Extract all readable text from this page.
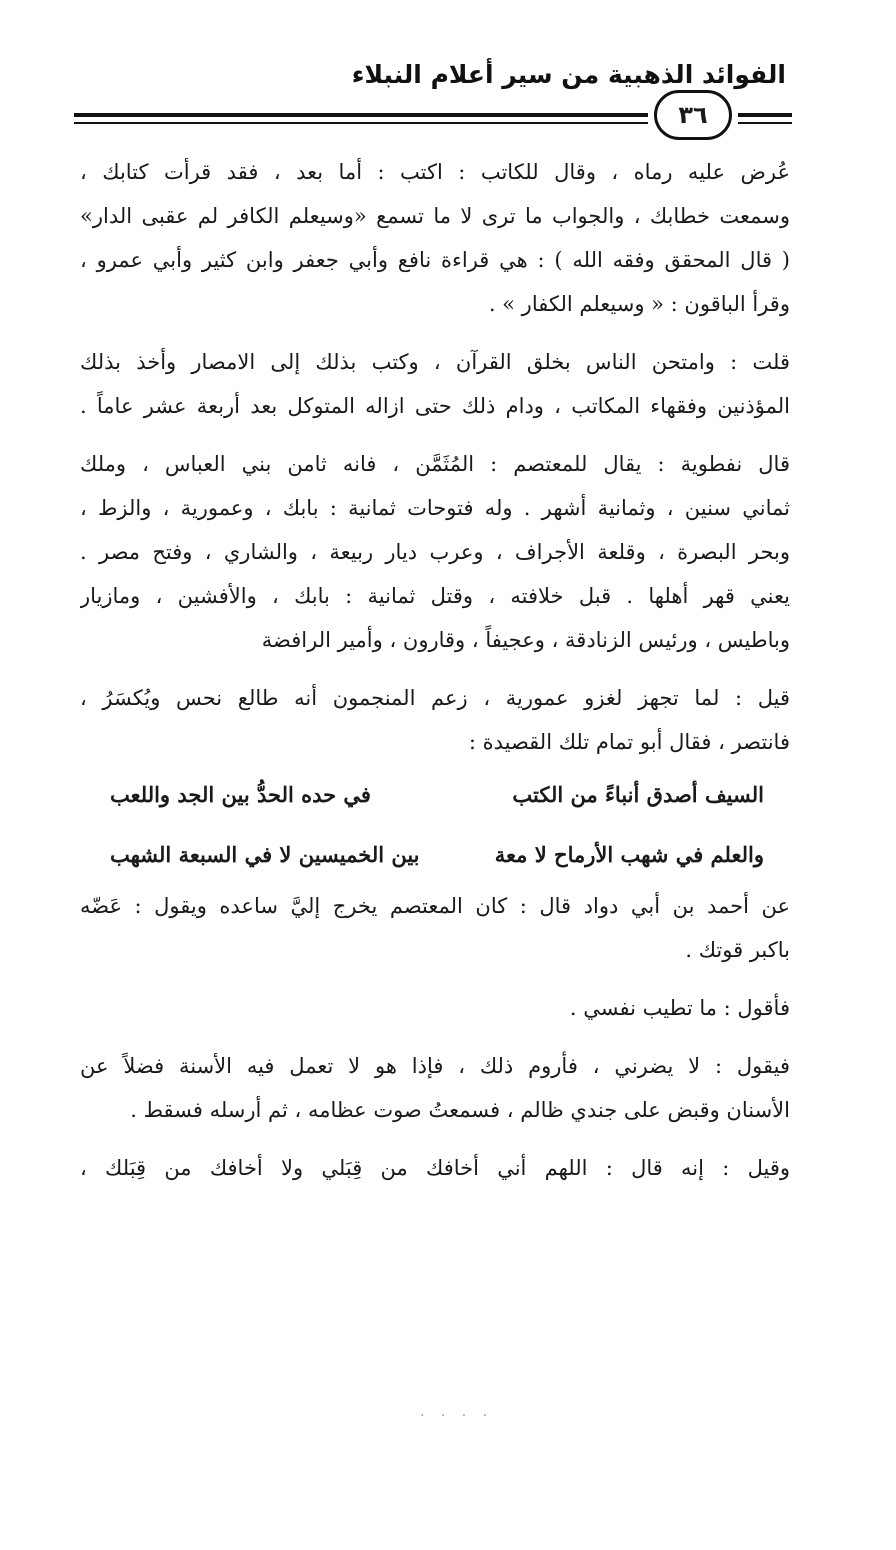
الفوائد الذهبية من سير أعلام النبلاء
٣٦
عُرض عليه رماه ، وقال للكاتب : اكتب : أما بعد ، فقد قرأت كتابك ،
وسمعت خطابك ، والجواب ما ترى لا ما تسمع «وسيعلم الكافر لم عقبى الدار»
( قال المحقق وفقه الله ) : هي قراءة نافع وأبي جعفر وابن كثير وأبي عمرو ،
وقرأ الباقون : « وسيعلم الكفار » .
قلت : وامتحن الناس بخلق القرآن ، وكتب بذلك إلى الامصار وأخذ بذلك
المؤذنين وفقهاء المكاتب ، ودام ذلك حتى ازاله المتوكل بعد أربعة عشر عاماً .
قال نفطوية : يقال للمعتصم : المُثَمَّن ، فانه ثامن بني العباس ، وملك
ثماني سنين ، وثمانية أشهر . وله فتوحات ثمانية : بابك ، وعمورية ، والزط ،
وبحر البصرة ، وقلعة الأجراف ، وعرب ديار ربيعة ، والشاري ، وفتح مصر .
يعني قهر أهلها . قبل خلافته ، وقتل ثمانية : بابك ، والأفشين ، ومازيار
وباطيس ، ورئيس الزنادقة ، وعجيفاً ، وقارون ، وأمير الرافضة
قيل : لما تجهز لغزو عمورية ، زعم المنجمون أنه طالع نحس ويُكسَرُ ،
فانتصر ، فقال أبو تمام تلك القصيدة :
السيف أصدق أنباءً من الكتب
في حده الحدُّ بين الجد واللعب
والعلم في شهب الأرماح لا معة
بين الخميسين لا في السبعة الشهب
عن أحمد بن أبي دواد قال : كان المعتصم يخرج إليَّ ساعده ويقول : عَضّه
باكبر قوتك .
فأقول : ما تطيب نفسي .
فيقول : لا يضرني ، فأروم ذلك ، فإذا هو لا تعمل فيه الأسنة فضلاً عن
الأسنان وقبض على جندي ظالم ، فسمعتُ صوت عظامه ، ثم أرسله فسقط .
وقيل : إنه قال : اللهم أني أخافك من قِبَلي ولا أخافك من قِبَلك ،
· · · ·
